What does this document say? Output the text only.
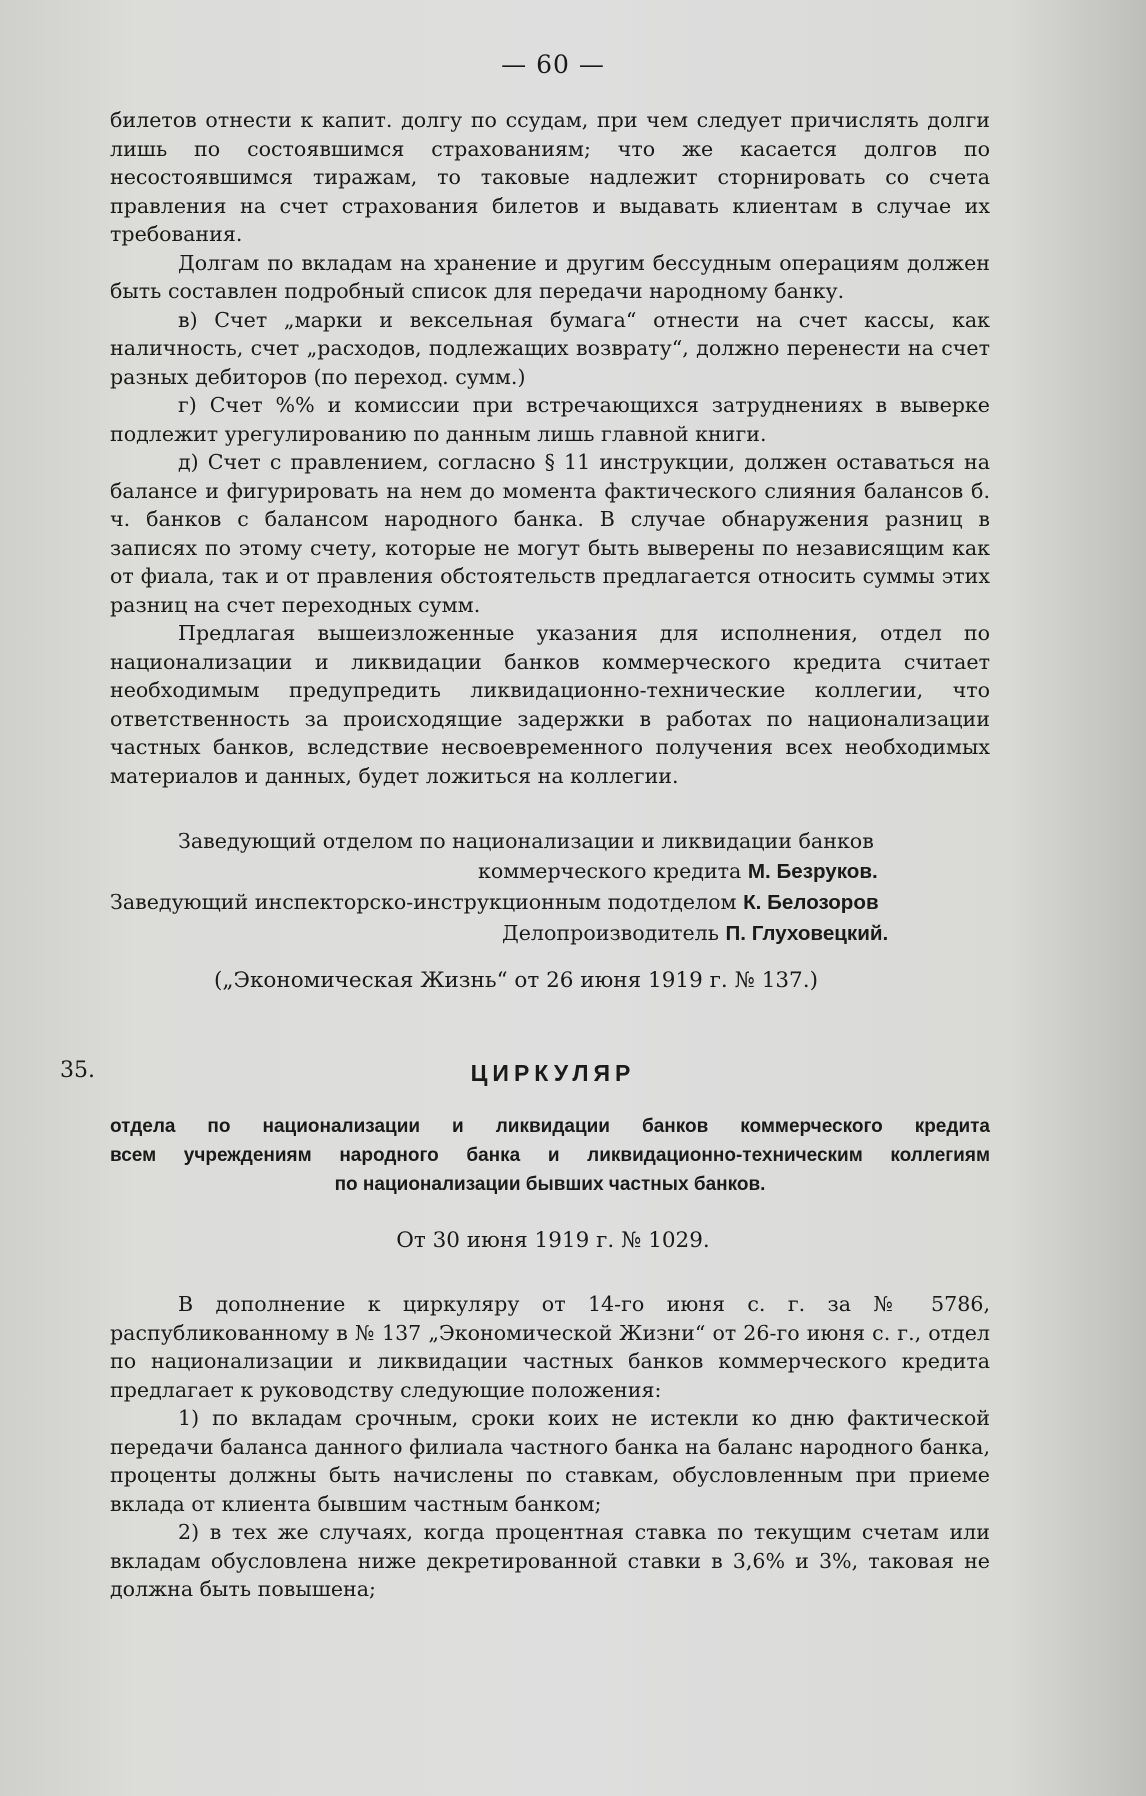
— 60 —

билетов отнести к капит. долгу по ссудам, при чем следует причислять долги лишь по состоявшимся страхованиям; что же касается долгов по несостоявшимся тиражам, то таковые надлежит сторнировать со счета правления на счет страхования билетов и выдавать клиентам в случае их требования.

Долгам по вкладам на хранение и другим бессудным операциям должен быть составлен подробный список для передачи народному банку.

в) Счет „марки и вексельная бумага“ отнести на счет кассы, как наличность, счет „расходов, подлежащих возврату“, должно перенести на счет разных дебиторов (по переход. сумм.)

г) Счет %% и комиссии при встречающихся затруднениях в выверке подлежит урегулированию по данным лишь главной книги.

д) Счет с правлением, согласно § 11 инструкции, должен оставаться на балансе и фигурировать на нем до момента фактического слияния балансов б. ч. банков с балансом народного банка. В случае обнаружения разниц в записях по этому счету, которые не могут быть выверены по независящим как от фиала, так и от правления обстоятельств предлагается относить суммы этих разниц на счет переходных сумм.

Предлагая вышеизложенные указания для исполнения, отдел по национализации и ликвидации банков коммерческого кредита считает необходимым предупредить ликвидационно-технические коллегии, что ответственность за происходящие задержки в работах по национализации частных банков, вследствие несвоевременного получения всех необходимых материалов и данных, будет ложиться на коллегии.

Заведующий отделом по национализации и ликвидации банков
коммерческого кредита М. Безруков.
Заведующий инспекторско-инструкционным подотделом К. Белозоров
Делопроизводитель П. Глуховецкий.
(„Экономическая Жизнь“ от 26 июня 1919 г. № 137.)
35.	ЦИРКУЛЯР
отдела по национализации и ликвидации банков коммерческого кредита
всем учреждениям народного банка и ликвидационно-техническим коллегиям
по национализации бывших частных банков.
От 30 июня 1919 г. № 1029.

В дополнение к циркуляру от 14-го июня с. г. за № 5786, распубликованному в № 137 „Экономической Жизни“ от 26-го июня с. г., отдел по национализации и ликвидации частных банков коммерческого кредита предлагает к руководству следующие положения:

1) по вкладам срочным, сроки коих не истекли ко дню фактической передачи баланса данного филиала частного банка на баланс народного банка, проценты должны быть начислены по ставкам, обусловленным при приеме вклада от клиента бывшим частным банком;

2) в тех же случаях, когда процентная ставка по текущим счетам или вкладам обусловлена ниже декретированной ставки в 3,6% и 3%, таковая не должна быть повышена;
